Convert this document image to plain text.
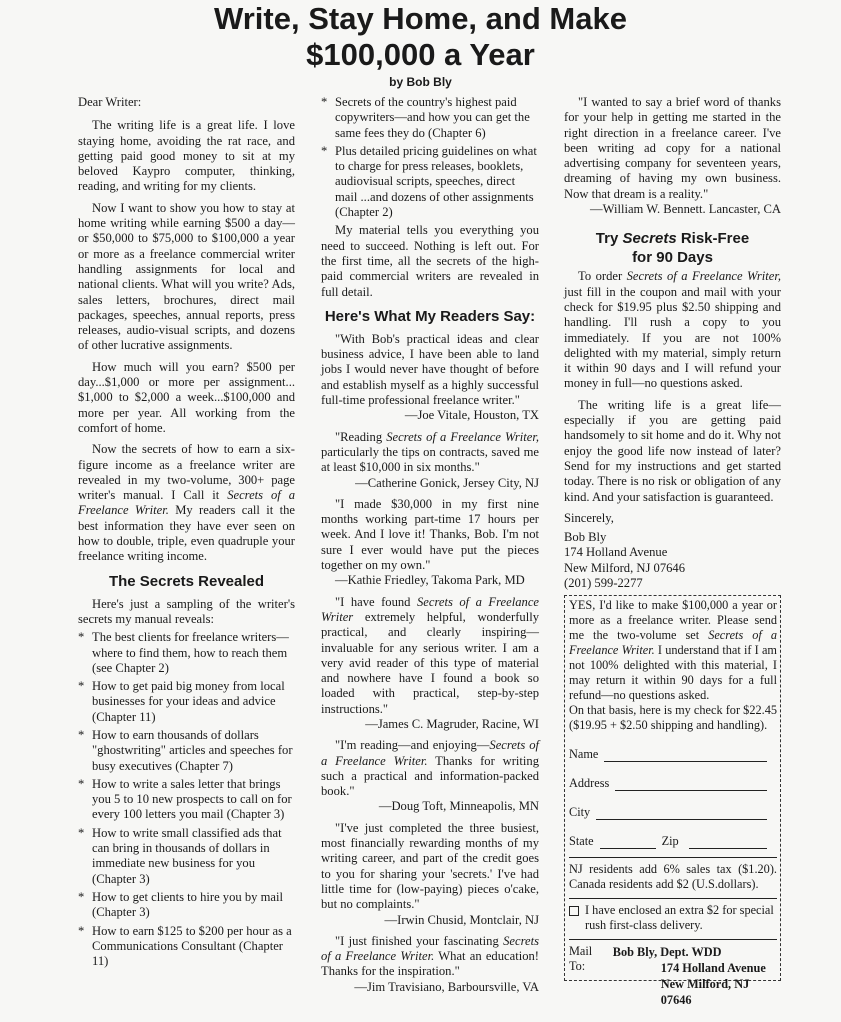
Write, Stay Home, and Make
$100,000 a Year
by Bob Bly

Dear Writer:

The writing life is a great life. I love staying home, avoiding the rat race, and getting paid good money to sit at my beloved Kaypro computer, thinking, reading, and writing for my clients.

Now I want to show you how to stay at home writing while earning $500 a day—or $50,000 to $75,000 to $100,000 a year or more as a freelance commercial writer handling assignments for local and national clients. What will you write? Ads, sales letters, brochures, direct mail packages, speeches, annual reports, press releases, audio-visual scripts, and dozens of other lucrative assignments.

How much will you earn? $500 per day...$1,000 or more per assignment... $1,000 to $2,000 a week...$100,000 and more per year. All working from the comfort of home.

Now the secrets of how to earn a six-figure income as a freelance writer are revealed in my two-volume, 300+ page writer's manual. I Call it Secrets of a Freelance Writer. My readers call it the best information they have ever seen on how to double, triple, even quadruple your freelance writing income.

The Secrets Revealed

Here's just a sampling of the writer's secrets my manual reveals:

* The best clients for freelance writers—where to find them, how to reach them (see Chapter 2)
* How to get paid big money from local businesses for your ideas and advice (Chapter 11)
* How to earn thousands of dollars "ghostwriting" articles and speeches for busy executives (Chapter 7)
* How to write a sales letter that brings you 5 to 10 new prospects to call on for every 100 letters you mail (Chapter 3)
* How to write small classified ads that can bring in thousands of dollars in immediate new business for you (Chapter 3)
* How to get clients to hire you by mail (Chapter 3)
* How to earn $125 to $200 per hour as a Communications Consultant (Chapter 11)
* Secrets of the country's highest paid copywriters—and how you can get the same fees they do (Chapter 6)
* Plus detailed pricing guidelines on what to charge for press releases, booklets, audiovisual scripts, speeches, direct mail ...and dozens of other assignments (Chapter 2)

My material tells you everything you need to succeed. Nothing is left out. For the first time, all the secrets of the high-paid commercial writers are revealed in full detail.

Here's What My Readers Say:

"With Bob's practical ideas and clear business advice, I have been able to land jobs I would never have thought of before and establish myself as a highly successful full-time professional freelance writer."

—Joe Vitale, Houston, TX

"Reading Secrets of a Freelance Writer, particularly the tips on contracts, saved me at least $10,000 in six months."

—Catherine Gonick, Jersey City, NJ

"I made $30,000 in my first nine months working part-time 17 hours per week. And I love it! Thanks, Bob. I'm not sure I ever would have put the pieces together on my own."

—Kathie Friedley, Takoma Park, MD

"I have found Secrets of a Freelance Writer extremely helpful, wonderfully practical, and clearly inspiring—invaluable for any serious writer. I am a very avid reader of this type of material and nowhere have I found a book so loaded with practical, step-by-step instructions."

—James C. Magruder, Racine, WI

"I'm reading—and enjoying—Secrets of a Freelance Writer. Thanks for writing such a practical and information-packed book."

—Doug Toft, Minneapolis, MN

"I've just completed the three busiest, most financially rewarding months of my writing career, and part of the credit goes to you for sharing your 'secrets.' I've had little time for (low-paying) pieces o'cake, but no complaints."

—Irwin Chusid, Montclair, NJ

"I just finished your fascinating Secrets of a Freelance Writer. What an education! Thanks for the inspiration."

—Jim Travisiano, Barboursville, VA

"I wanted to say a brief word of thanks for your help in getting me started in the right direction in a freelance career. I've been writing ad copy for a national advertising company for seventeen years, dreaming of having my own business. Now that dream is a reality."

—William W. Bennett. Lancaster, CA
Try Secrets Risk-Free
for 90 Days

To order Secrets of a Freelance Writer, just fill in the coupon and mail with your check for $19.95 plus $2.50 shipping and handling. I'll rush a copy to you immediately. If you are not 100% delighted with my material, simply return it within 90 days and I will refund your money in full—no questions asked.

The writing life is a great life—especially if you are getting paid handsomely to sit home and do it. Why not enjoy the good life now instead of later? Send for my instructions and get started today. There is no risk or obligation of any kind. And your satisfaction is guaranteed.

Sincerely,

Bob Bly
174 Holland Avenue
New Milford, NJ 07646
(201) 599-2277

YES, I'd like to make $100,000 a year or more as a freelance writer. Please send me the two-volume set Secrets of a Freelance Writer. I understand that if I am not 100% delighted with this material, I may return it within 90 days for a full refund—no questions asked.

On that basis, here is my check for $22.45 ($19.95 + $2.50 shipping and handling).

Name
Address
City
State	Zip

NJ residents add 6% sales tax ($1.20). Canada residents add $2 (U.S.dollars).

I have enclosed an extra $2 for special rush first-class delivery.
Mail To:
Bob Bly, Dept. WDD
174 Holland Avenue
New Milford, NJ 07646
